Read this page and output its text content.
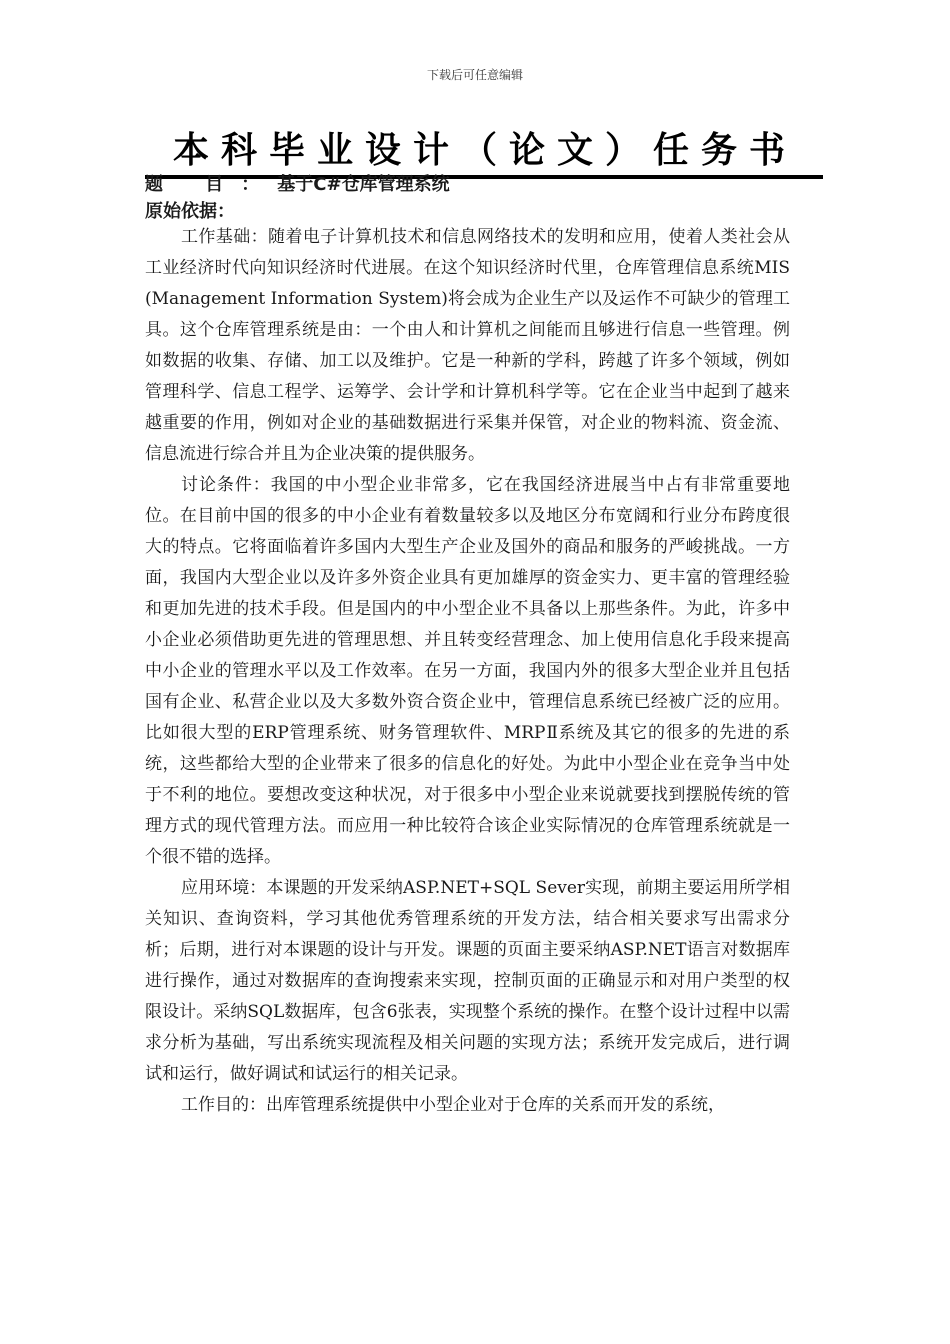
下载后可任意编辑
本科毕业设计（论文）任务书
题 目：基于C#仓库管理系统
原始依据：

工作基础：随着电子计算机技术和信息网络技术的发明和应用，使着人类社会从工业经济时代向知识经济时代进展。在这个知识经济时代里，仓库管理信息系统MIS(Management Information System)将会成为企业生产以及运作不可缺少的管理工具。这个仓库管理系统是由：一个由人和计算机之间能而且够进行信息一些管理。例如数据的收集、存储、加工以及维护。它是一种新的学科，跨越了许多个领域，例如管理科学、信息工程学、运筹学、会计学和计算机科学等。它在企业当中起到了越来越重要的作用，例如对企业的基础数据进行采集并保管，对企业的物料流、资金流、信息流进行综合并且为企业决策的提供服务。

讨论条件：我国的中小型企业非常多，它在我国经济进展当中占有非常重要地位。在目前中国的很多的中小企业有着数量较多以及地区分布宽阔和行业分布跨度很大的特点。它将面临着许多国内大型生产企业及国外的商品和服务的严峻挑战。一方面，我国内大型企业以及许多外资企业具有更加雄厚的资金实力、更丰富的管理经验和更加先进的技术手段。但是国内的中小型企业不具备以上那些条件。为此，许多中小企业必须借助更先进的管理思想、并且转变经营理念、加上使用信息化手段来提高中小企业的管理水平以及工作效率。在另一方面，我国内外的很多大型企业并且包括国有企业、私营企业以及大多数外资合资企业中，管理信息系统已经被广泛的应用。比如很大型的ERP管理系统、财务管理软件、MRPⅡ系统及其它的很多的先进的系统，这些都给大型的企业带来了很多的信息化的好处。为此中小型企业在竞争当中处于不利的地位。要想改变这种状况，对于很多中小型企业来说就要找到摆脱传统的管理方式的现代管理方法。而应用一种比较符合该企业实际情况的仓库管理系统就是一个很不错的选择。

应用环境：本课题的开发采纳ASP.NET+SQL Sever实现，前期主要运用所学相关知识、查询资料，学习其他优秀管理系统的开发方法，结合相关要求写出需求分析；后期，进行对本课题的设计与开发。课题的页面主要采纳ASP.NET语言对数据库进行操作，通过对数据库的查询搜索来实现，控制页面的正确显示和对用户类型的权限设计。采纳SQL数据库，包含6张表，实现整个系统的操作。在整个设计过程中以需求分析为基础，写出系统实现流程及相关问题的实现方法；系统开发完成后，进行调试和运行，做好调试和试运行的相关记录。

工作目的：出库管理系统提供中小型企业对于仓库的关系而开发的系统，
